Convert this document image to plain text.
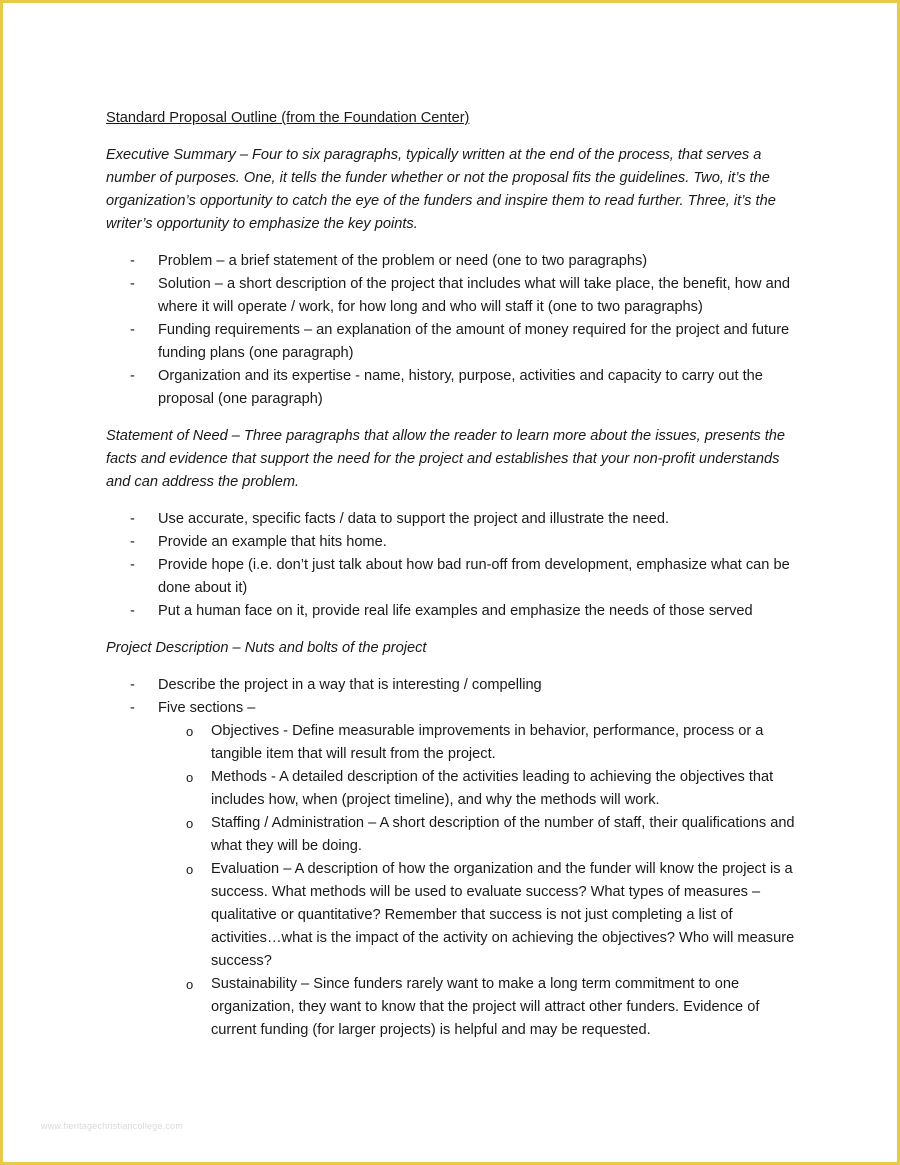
Standard Proposal Outline (from the Foundation Center)

Executive Summary – Four to six paragraphs, typically written at the end of the process, that serves a number of purposes. One, it tells the funder whether or not the proposal fits the guidelines. Two, it’s the organization’s opportunity to catch the eye of the funders and inspire them to read further. Three, it’s the writer’s opportunity to emphasize the key points.

- Problem – a brief statement of the problem or need (one to two paragraphs)
- Solution – a short description of the project that includes what will take place, the benefit, how and where it will operate / work, for how long and who will staff it (one to two paragraphs)
- Funding requirements – an explanation of the amount of money required for the project and future funding plans (one paragraph)
- Organization and its expertise - name, history, purpose, activities and capacity to carry out the proposal (one paragraph)

Statement of Need – Three paragraphs that allow the reader to learn more about the issues, presents the facts and evidence that support the need for the project and establishes that your non-profit understands and can address the problem.

- Use accurate, specific facts / data to support the project and illustrate the need.
- Provide an example that hits home.
- Provide hope (i.e. don’t just talk about how bad run-off from development, emphasize what can be done about it)
- Put a human face on it, provide real life examples and emphasize the needs of those served

Project Description – Nuts and bolts of the project

- Describe the project in a way that is interesting / compelling
- Five sections –
o Objectives - Define measurable improvements in behavior, performance, process or a tangible item that will result from the project.
o Methods - A detailed description of the activities leading to achieving the objectives that includes how, when (project timeline), and why the methods will work.
o Staffing / Administration – A short description of the number of staff, their qualifications and what they will be doing.
o Evaluation – A description of how the organization and the funder will know the project is a success. What methods will be used to evaluate success? What types of measures – qualitative or quantitative? Remember that success is not just completing a list of activities…what is the impact of the activity on achieving the objectives? Who will measure success?
o Sustainability – Since funders rarely want to make a long term commitment to one organization, they want to know that the project will attract other funders. Evidence of current funding (for larger projects) is helpful and may be requested.
www.heritagechristiancollege.com
